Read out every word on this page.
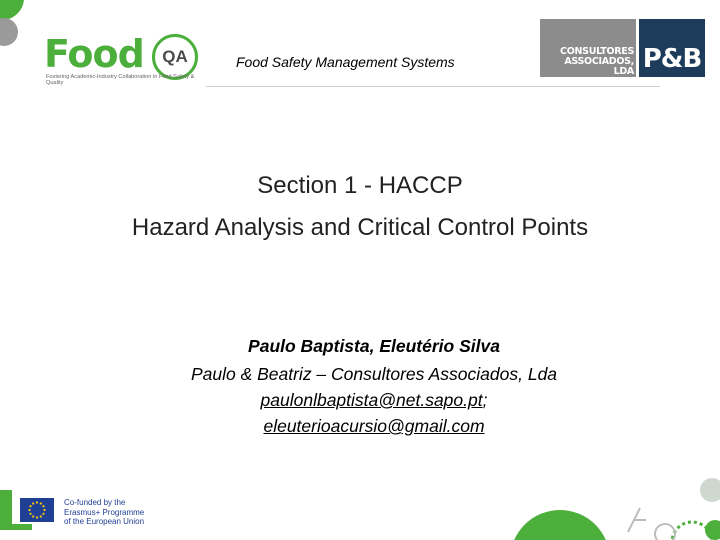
Food	QA
Fostering Academic-Industry Collaboration in Food Safety & Quality
Food Safety Management Systems
CONSULTORES
ASSOCIADOS, LDA P&B
Section 1 - HACCP
Hazard Analysis and Critical Control Points
Paulo Baptista, Eleutério Silva
Paulo & Beatriz – Consultores Associados, Lda
paulonlbaptista@net.sapo.pt;
eleuterioacursio@gmail.com
Co-funded by the
Erasmus+ Programme
of the European Union
